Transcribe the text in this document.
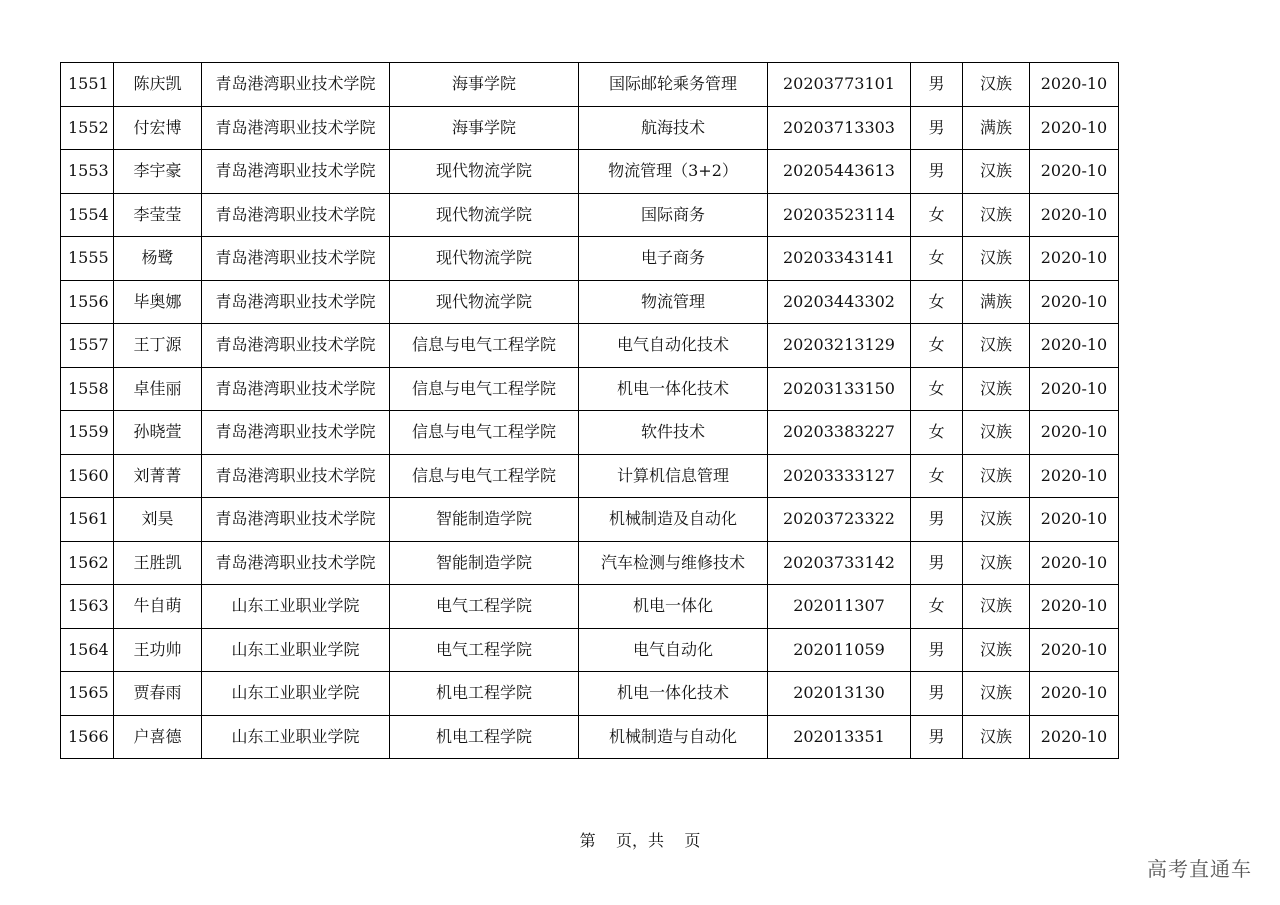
1551	陈庆凯	青岛港湾职业技术学院	海事学院	国际邮轮乘务管理	20203773101	男	汉族	2020-10
1552	付宏博	青岛港湾职业技术学院	海事学院	航海技术	20203713303	男	满族	2020-10
1553	李宇豪	青岛港湾职业技术学院	现代物流学院	物流管理（3+2）	20205443613	男	汉族	2020-10
1554	李莹莹	青岛港湾职业技术学院	现代物流学院	国际商务	20203523114	女	汉族	2020-10
1555	杨鹭	青岛港湾职业技术学院	现代物流学院	电子商务	20203343141	女	汉族	2020-10
1556	毕奥娜	青岛港湾职业技术学院	现代物流学院	物流管理	20203443302	女	满族	2020-10
1557	王丁源	青岛港湾职业技术学院	信息与电气工程学院	电气自动化技术	20203213129	女	汉族	2020-10
1558	卓佳丽	青岛港湾职业技术学院	信息与电气工程学院	机电一体化技术	20203133150	女	汉族	2020-10
1559	孙晓萱	青岛港湾职业技术学院	信息与电气工程学院	软件技术	20203383227	女	汉族	2020-10
1560	刘菁菁	青岛港湾职业技术学院	信息与电气工程学院	计算机信息管理	20203333127	女	汉族	2020-10
1561	刘昊	青岛港湾职业技术学院	智能制造学院	机械制造及自动化	20203723322	男	汉族	2020-10
1562	王胜凯	青岛港湾职业技术学院	智能制造学院	汽车检测与维修技术	20203733142	男	汉族	2020-10
1563	牛自萌	山东工业职业学院	电气工程学院	机电一体化	202011307	女	汉族	2020-10
1564	王功帅	山东工业职业学院	电气工程学院	电气自动化	202011059	男	汉族	2020-10
1565	贾春雨	山东工业职业学院	机电工程学院	机电一体化技术	202013130	男	汉族	2020-10
1566	户喜德	山东工业职业学院	机电工程学院	机械制造与自动化	202013351	男	汉族	2020-10
第    页，共    页
高考直通车
